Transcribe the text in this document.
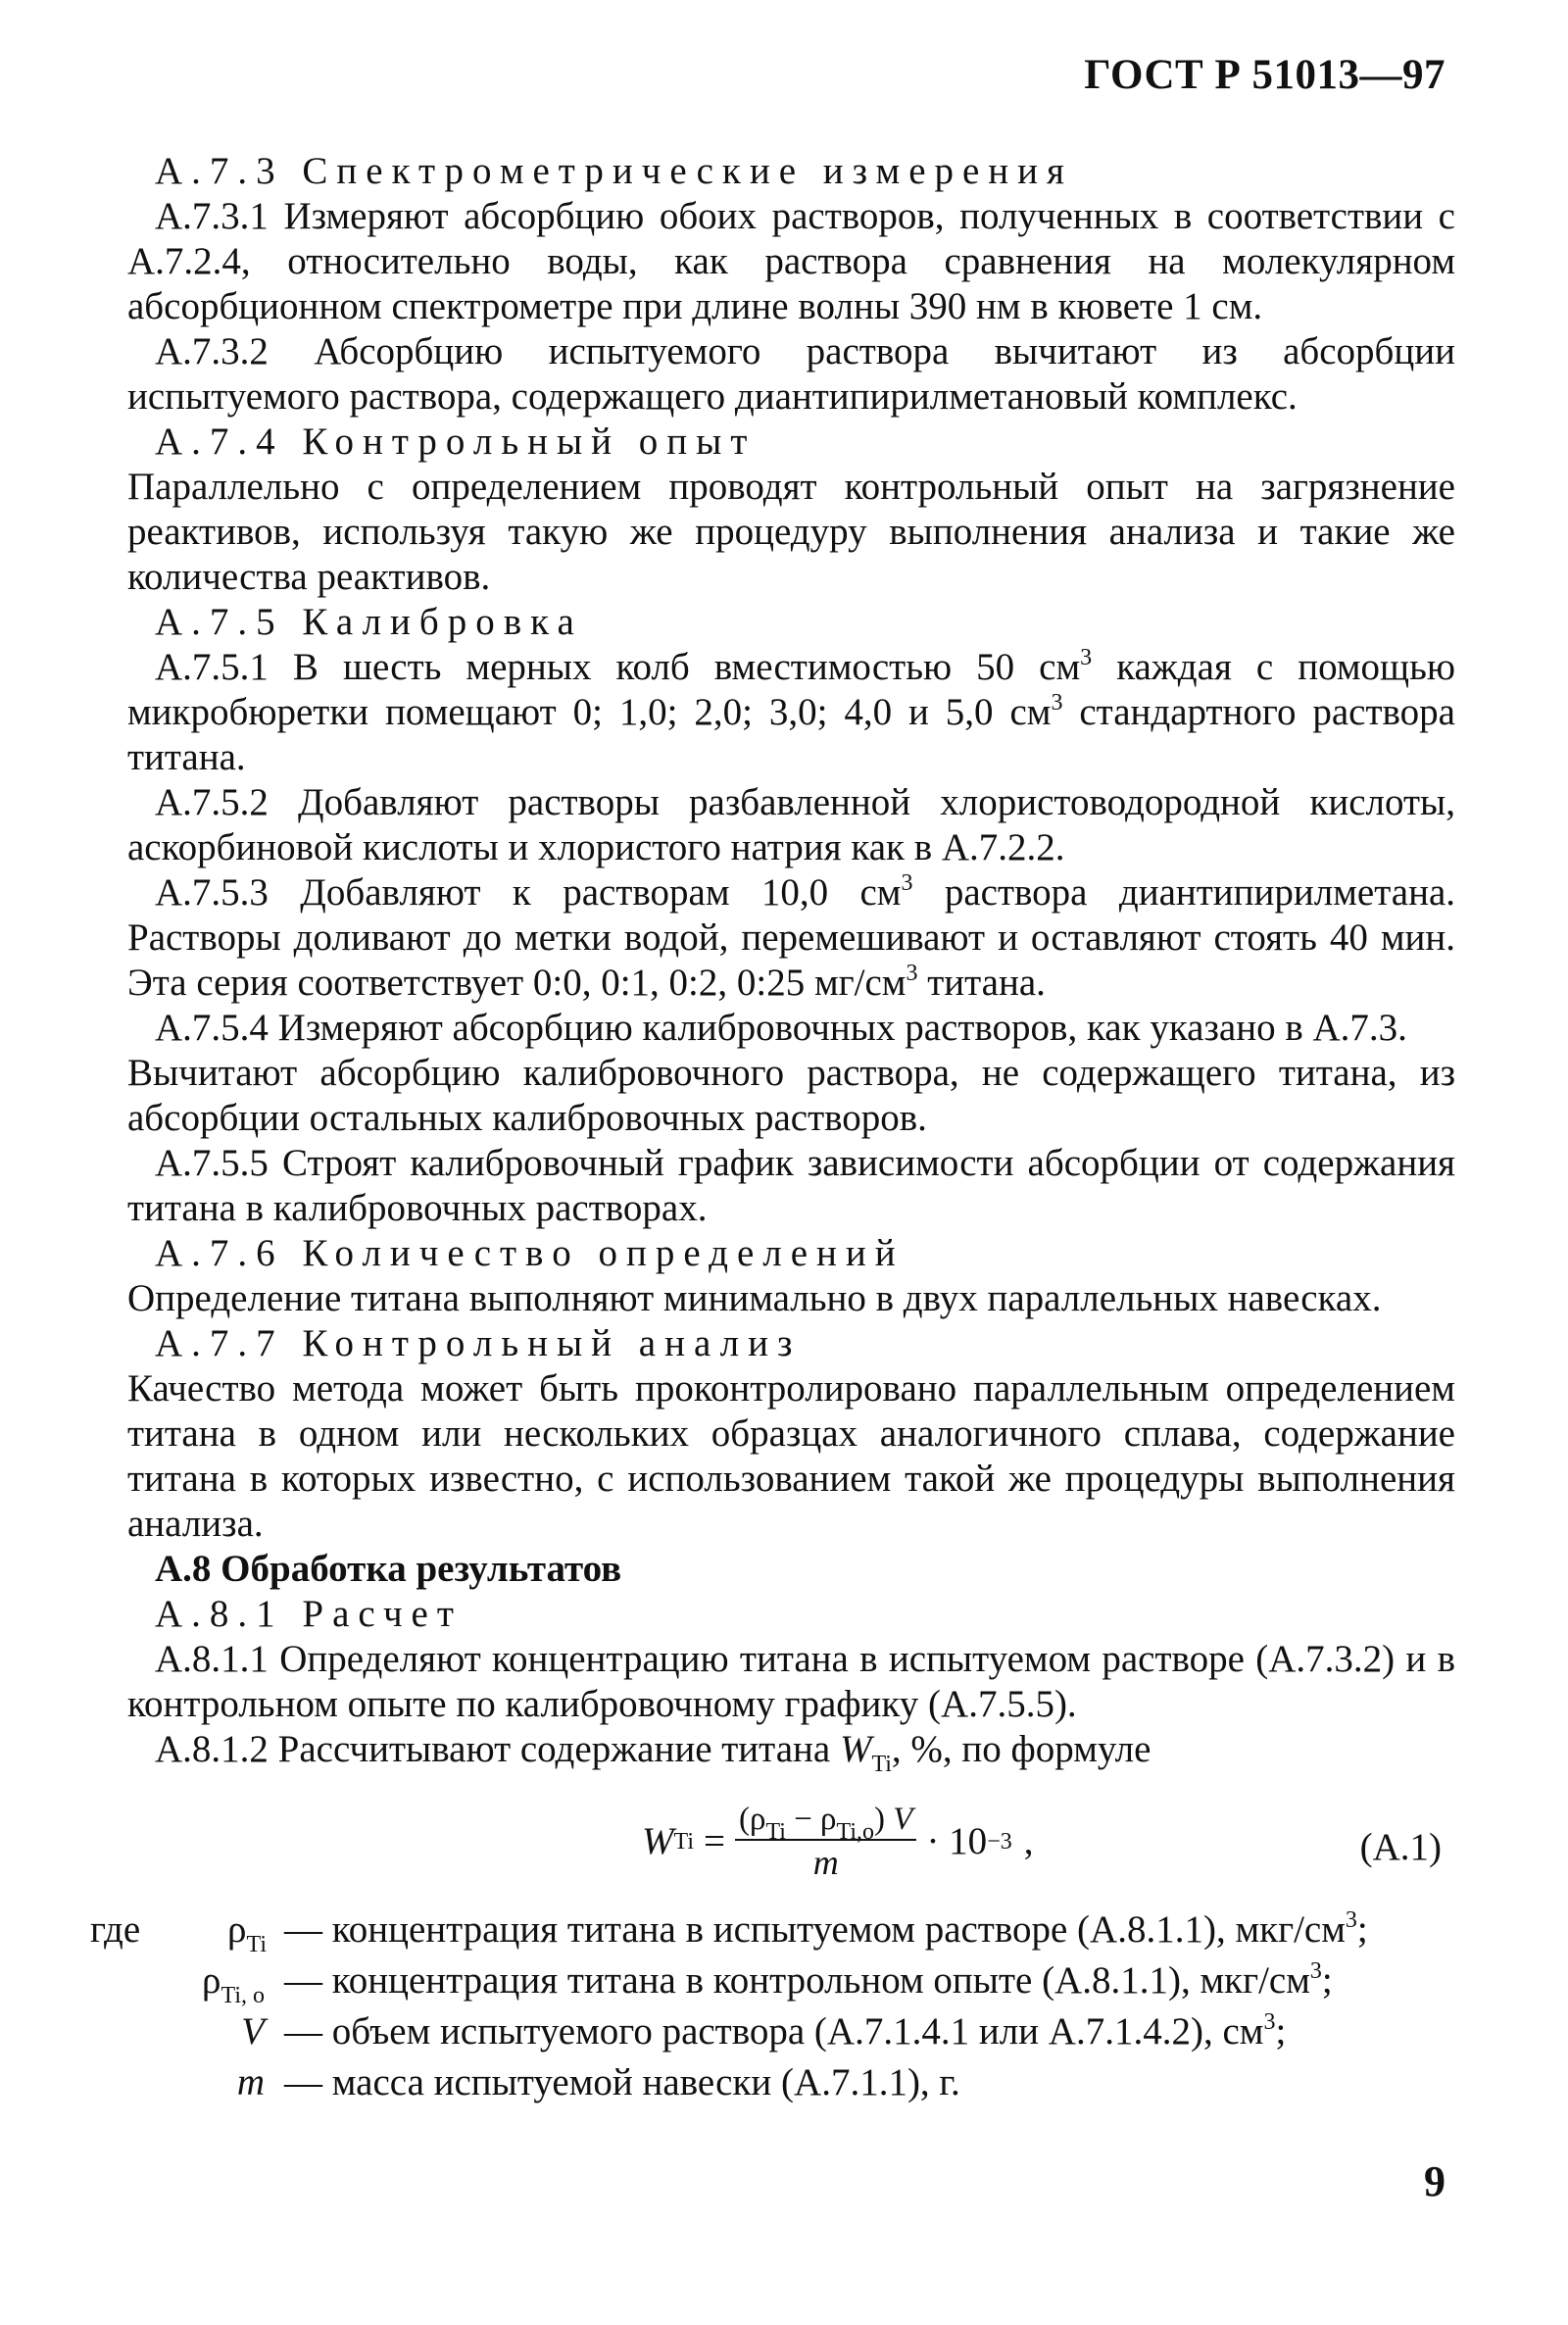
ГОСТ Р 51013—97

А.7.3 Спектрометрические измерения

А.7.3.1 Измеряют абсорбцию обоих растворов, полученных в соответствии с А.7.2.4, относительно воды, как раствора сравнения на молекулярном абсорбционном спектрометре при длине волны 390 нм в кювете 1 см.

А.7.3.2 Абсорбцию испытуемого раствора вычитают из абсорбции испытуемого раствора, содержащего диантипирилметановый комплекс.

А.7.4 Контрольный опыт

Параллельно с определением проводят контрольный опыт на загрязнение реактивов, используя такую же процедуру выполнения анализа и такие же количества реактивов.

А.7.5 Калибровка

А.7.5.1 В шесть мерных колб вместимостью 50 $см^3$ каждая с помощью микробюретки помещают 0; 1,0; 2,0; 3,0; 4,0 и 5,0 $см^3$ стандартного раствора титана.

А.7.5.2 Добавляют растворы разбавленной хлористоводородной кислоты, аскорбиновой кислоты и хлористого натрия как в А.7.2.2.

А.7.5.3 Добавляют к растворам 10,0 $см^3$ раствора диантипирилметана. Растворы доливают до метки водой, перемешивают и оставляют стоять 40 мин. Эта серия соответствует 0:0, 0:1, 0:2, 0:25 $мг/см^3$ титана.

А.7.5.4 Измеряют абсорбцию калибровочных растворов, как указано в А.7.3.

Вычитают абсорбцию калибровочного раствора, не содержащего титана, из абсорбции остальных калибровочных растворов.

А.7.5.5 Строят калибровочный график зависимости абсорбции от содержания титана в калибровочных растворах.

А.7.6 Количество определений

Определение титана выполняют минимально в двух параллельных навесках.

А.7.7 Контрольный анализ

Качество метода может быть проконтролировано параллельным определением титана в одном или нескольких образцах аналогичного сплава, содержание титана в которых известно, с использованием такой же процедуры выполнения анализа.

А.8 Обработка результатов

А.8.1 Расчет

А.8.1.1 Определяют концентрацию титана в испытуемом растворе (А.7.3.2) и в контрольном опыте по калибровочному графику (А.7.5.5).

А.8.1.2 Рассчитывают содержание титана $W_{Ti}$, %, по формуле

W $Ti = \frac{(\rho_{Ti} - \rho_{Ti,o}) V}{m} \cdot 10 -3$ ,	(А.1)
где	$\rho_{Ti}$ — концентрация титана в испытуемом растворе (А.8.1.1), мкг/$см^3$;
$\rho_{Ti, o}$ — концентрация титана в контрольном опыте (А.8.1.1), мкг/$см^3$;
V — объем испытуемого раствора (А.7.1.4.1 или А.7.1.4.2), $см^3$;
m — масса испытуемой навески (А.7.1.1), г.
9
